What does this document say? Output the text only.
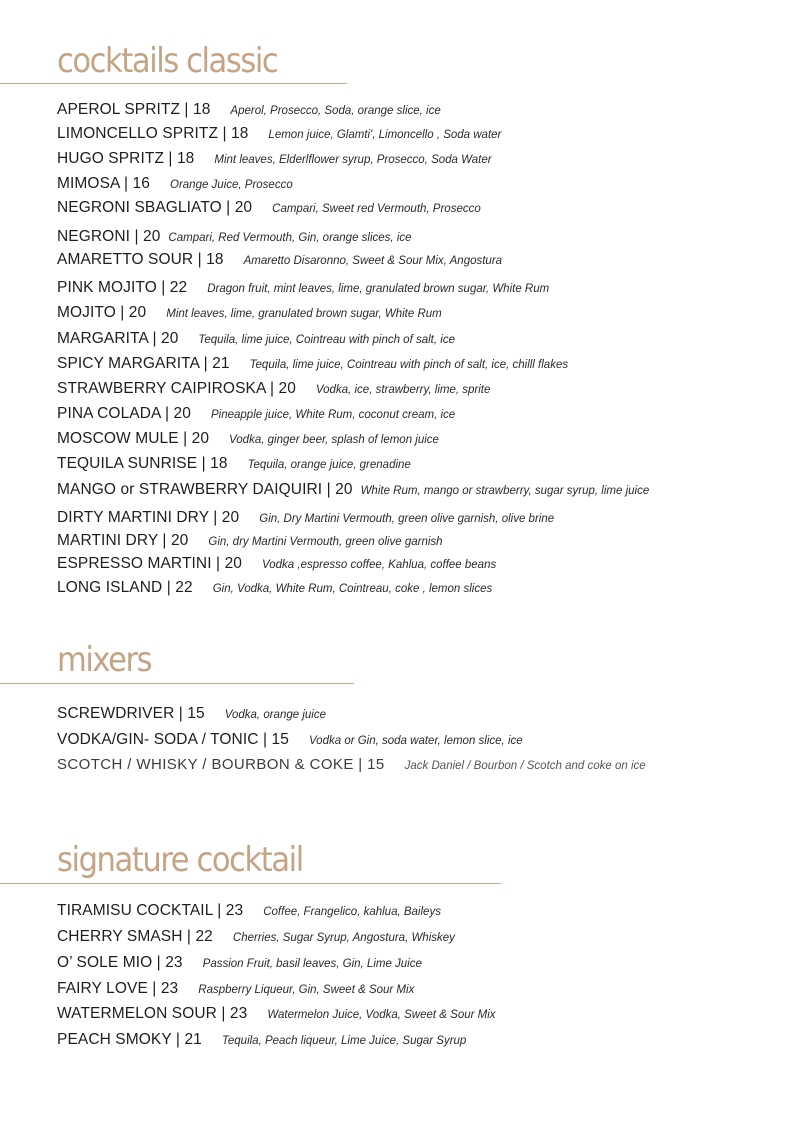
cocktails classic
APEROL SPRITZ | 18 Aperol, Prosecco, Soda, orange slice, ice
LIMONCELLO SPRITZ | 18 Lemon juice, Glamti', Limoncello , Soda water
HUGO SPRITZ | 18 Mint leaves, Elderlflower syrup, Prosecco, Soda Water
MIMOSA | 16 Orange Juice, Prosecco
NEGRONI SBAGLIATO | 20 Campari, Sweet red Vermouth, Prosecco
NEGRONI | 20 Campari, Red Vermouth, Gin, orange slices, ice
AMARETTO SOUR | 18 Amaretto Disaronno, Sweet & Sour Mix, Angostura
PINK MOJITO | 22 Dragon fruit, mint leaves, lime, granulated brown sugar, White Rum
MOJITO | 20 Mint leaves, lime, granulated brown sugar, White Rum
MARGARITA | 20 Tequila, lime juice, Cointreau with pinch of salt, ice
SPICY MARGARITA | 21 Tequila, lime juice, Cointreau with pinch of salt, ice, chilll flakes
STRAWBERRY CAIPIROSKA | 20 Vodka, ice, strawberry, lime, sprite
PINA COLADA | 20 Pineapple juice, White Rum, coconut cream, ice
MOSCOW MULE | 20 Vodka, ginger beer, splash of lemon juice
TEQUILA SUNRISE | 18 Tequila, orange juice, grenadine
MANGO or STRAWBERRY DAIQUIRI | 20 White Rum, mango or strawberry, sugar syrup, lime juice
DIRTY MARTINI DRY | 20 Gin, Dry Martini Vermouth, green olive garnish, olive brine
MARTINI DRY | 20 Gin, dry Martini Vermouth, green olive garnish
ESPRESSO MARTINI | 20 Vodka ,espresso coffee, Kahlua, coffee beans
LONG ISLAND | 22 Gin, Vodka, White Rum, Cointreau, coke , lemon slices
mixers
SCREWDRIVER | 15 Vodka, orange juice
VODKA/GIN- SODA / TONIC | 15 Vodka or Gin, soda water, lemon slice, ice
SCOTCH / WHISKY / BOURBON & COKE | 15 Jack Daniel / Bourbon / Scotch and coke on ice
signature cocktail
TIRAMISU COCKTAIL | 23 Coffee, Frangelico, kahlua, Baileys
CHERRY SMASH | 22 Cherries, Sugar Syrup, Angostura, Whiskey
O’ SOLE MIO | 23 Passion Fruit, basil leaves, Gin, Lime Juice
FAIRY LOVE | 23 Raspberry Liqueur, Gin, Sweet & Sour Mix
WATERMELON SOUR | 23 Watermelon Juice, Vodka, Sweet & Sour Mix
PEACH SMOKY | 21 Tequila, Peach liqueur, Lime Juice, Sugar Syrup
